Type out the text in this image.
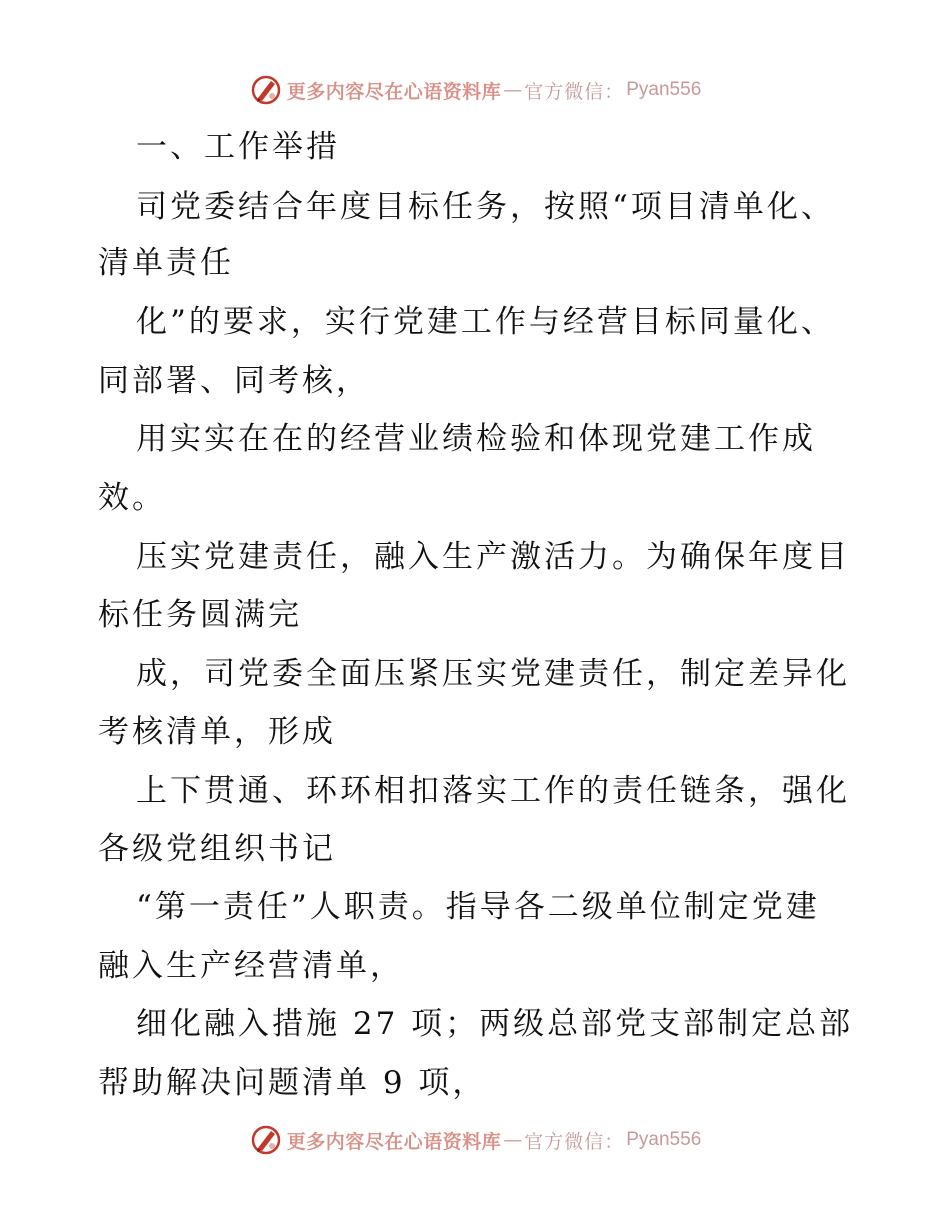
更多内容尽在心语资料库 — 官方微信： Pyan556
一、工作举措
司党委结合年度目标任务，按照“项目清单化、
清单责任
化”的要求，实行党建工作与经营目标同量化、
同部署、同考核，
用实实在在的经营业绩检验和体现党建工作成
效。
压实党建责任，融入生产激活力。为确保年度目
标任务圆满完
成，司党委全面压紧压实党建责任，制定差异化
考核清单，形成
上下贯通、环环相扣落实工作的责任链条，强化
各级党组织书记
“第一责任”人职责。指导各二级单位制定党建
融入生产经营清单，
细化融入措施 27 项；两级总部党支部制定总部
帮助解决问题清单 9 项，
更多内容尽在心语资料库 — 官方微信： Pyan556
